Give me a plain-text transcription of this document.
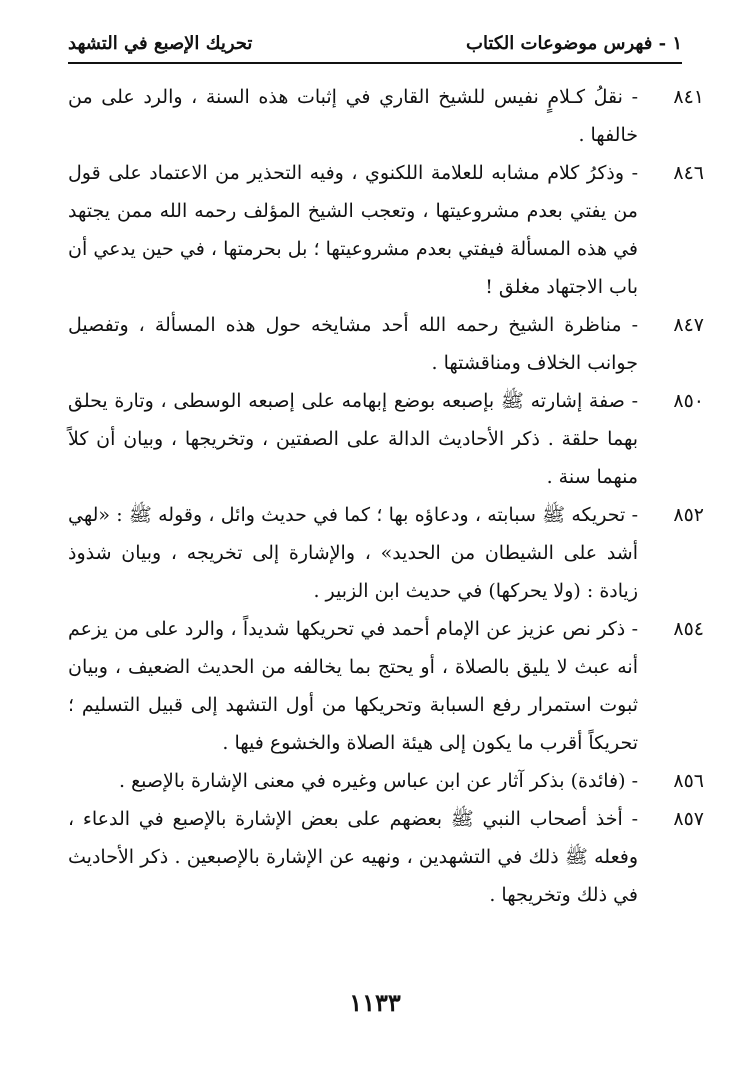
١ - فهرس موضوعات الكتاب
تحريك الإصبع في التشهد
٨٤١
- نقلُ كـلامٍ نفيس للشيخ القاري في إثبات هذه السنة ، والرد على من خالفها .
٨٤٦
- وذكرُ كلام مشابه للعلامة اللكنوي ، وفيه التحذير من الاعتماد على قول من يفتي بعدم مشروعيتها ، وتعجب الشيخ المؤلف رحمه الله ممن يجتهد في هذه المسألة فيفتي بعدم مشروعيتها ؛ بل بحرمتها ، في حين يدعي أن باب الاجتهاد مغلق !
٨٤٧
- مناظرة الشيخ رحمه الله أحد مشايخه حول هذه المسألة ، وتفصيل جوانب الخلاف ومناقشتها .
٨٥٠
- صفة إشارته ﷺ بإصبعه بوضع إبهامه على إصبعه الوسطى ، وتارة يحلق بهما حلقة . ذكر الأحاديث الدالة على الصفتين ، وتخريجها ، وبيان أن كلاً منهما سنة .
٨٥٢
- تحريكه ﷺ سبابته ، ودعاؤه بها ؛ كما في حديث وائل ، وقوله ﷺ : «لهي أشد على الشيطان من الحديد» ، والإشارة إلى تخريجه ، وبيان شذوذ زيادة : (ولا يحركها) في حديث ابن الزبير .
٨٥٤
- ذكر نص عزيز عن الإمام أحمد في تحريكها شديداً ، والرد على من يزعم أنه عبث لا يليق بالصلاة ، أو يحتج بما يخالفه من الحديث الضعيف ، وبيان ثبوت استمرار رفع السبابة وتحريكها من أول التشهد إلى قبيل التسليم ؛ تحريكاً أقرب ما يكون إلى هيئة الصلاة والخشوع فيها .
٨٥٦
- (فائدة) بذكر آثار عن ابن عباس وغيره في معنى الإشارة بالإصبع .
٨٥٧
- أخذ أصحاب النبي ﷺ بعضهم على بعض الإشارة بالإصبع في الدعاء ، وفعله ﷺ ذلك في التشهدين ، ونهيه عن الإشارة بالإصبعين . ذكر الأحاديث في ذلك وتخريجها .
١١٣٣
